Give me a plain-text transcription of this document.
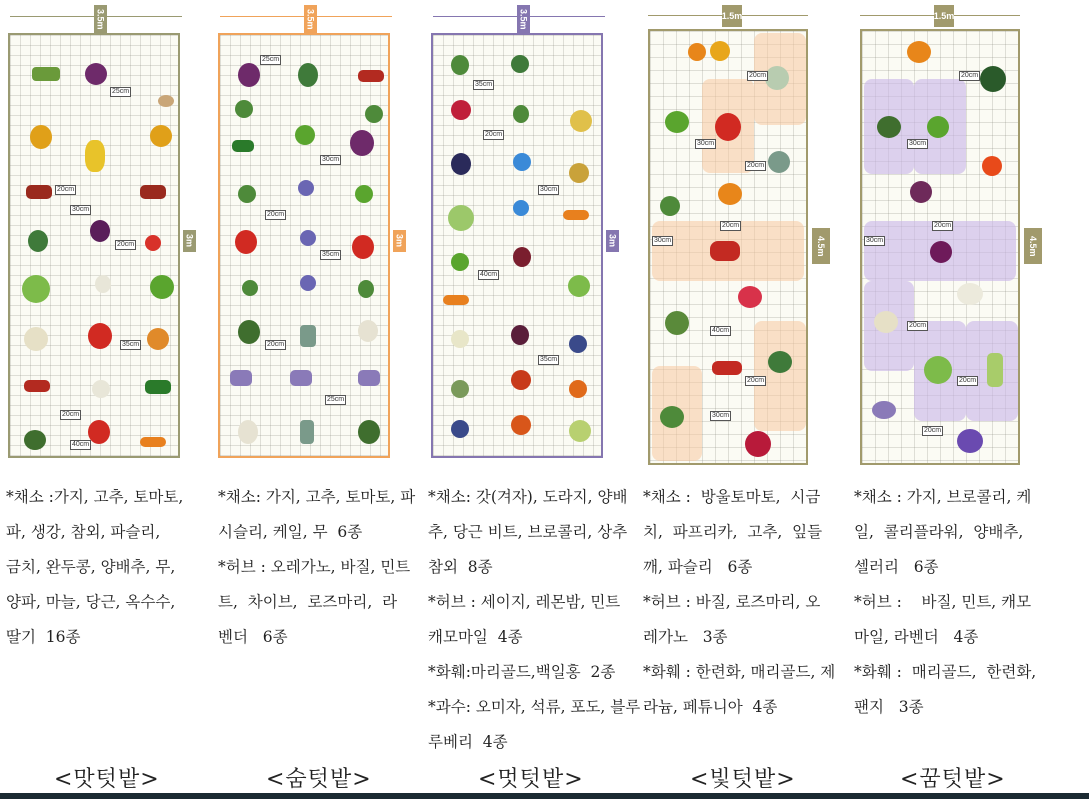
3.5m
25cm
20cm
30cm
20cm
35cm
20cm
40cm
3m
3.5m
25cm
30cm
20cm
35cm
20cm
25cm
3m
3.5m
35cm
20cm
30cm
40cm
35cm
3m
1.5m
20cm
30cm
20cm
20cm
30cm
40cm
20cm
30cm
4.5m
1.5m
20cm
30cm
20cm
30cm
20cm
20cm
20cm
4.5m
*채소 :가지, 고추, 토마토,
파, 생강, 참외, 파슬리,
금치, 완두콩, 양배추, 무,
양파, 마늘, 당근, 옥수수,
딸기  16종
*채소: 가지, 고추, 토마토, 파
시슬리, 케일, 무  6종
*허브 : 오레가노, 바질, 민트
트,  차이브,  로즈마리,  라
벤더   6종
*채소: 갓(겨자), 도라지, 양배
추, 당근 비트, 브로콜리, 상추
참외  8종
*허브 : 세이지, 레몬밤, 민트
캐모마일  4종
*화훼:마리골드,백일홍  2종
*과수: 오미자, 석류, 포도, 블루
루베리  4종
*채소 :  방울토마토,  시금
치,  파프리카,  고추,  잎들
깨, 파슬리   6종
*허브 : 바질, 로즈마리, 오
레가노   3종
*화훼 : 한련화, 매리골드, 제
라늄, 페튜니아  4종
*채소 : 가지, 브로콜리, 케
일,  콜리플라워,  양배추,
셀러리   6종
*허브 :    바질, 민트, 캐모
마일, 라벤더   4종
*화훼 :  매리골드,  한련화,
팬지   3종
<맛텃밭>	<숨텃밭>	<멋텃밭>	<빛텃밭>	<꿈텃밭>
